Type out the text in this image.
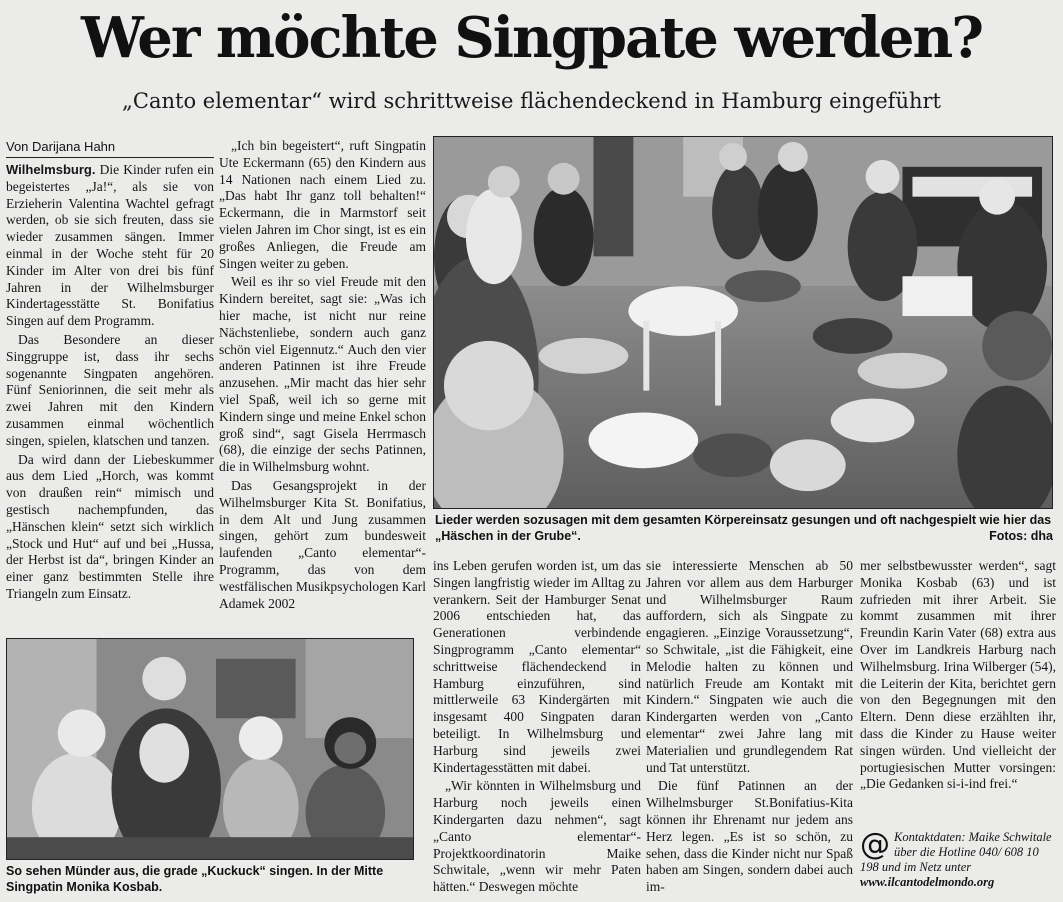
Wer möchte Singpate werden?
„Canto elementar“ wird schrittweise flächendeckend in Hamburg eingeführt
Von Darijana Hahn

Wilhelmsburg. Die Kinder rufen ein begeistertes „Ja!“, als sie von Erzieherin Valentina Wachtel gefragt werden, ob sie sich freuten, dass sie wieder zusammen sängen. Immer einmal in der Woche steht für 20 Kinder im Alter von drei bis fünf Jahren in der Wilhelmsburger Kindertagesstätte St. Bonifatius Singen auf dem Programm.

Das Besondere an dieser Singgruppe ist, dass ihr sechs sogenannte Singpaten angehören. Fünf Seniorinnen, die seit mehr als zwei Jahren mit den Kindern zusammen einmal wöchentlich singen, spielen, klatschen und tanzen.

Da wird dann der Liebeskummer aus dem Lied „Horch, was kommt von draußen rein“ mimisch und gestisch nachempfunden, das „Hänschen klein“ setzt sich wirklich „Stock und Hut“ auf und bei „Hussa, der Herbst ist da“, bringen Kinder an einer ganz bestimmten Stelle ihre Triangeln zum Einsatz.

„Ich bin begeistert“, ruft Singpatin Ute Eckermann (65) den Kindern aus 14 Nationen nach einem Lied zu. „Das habt Ihr ganz toll behalten!“ Eckermann, die in Marmstorf seit vielen Jahren im Chor singt, ist es ein großes Anliegen, die Freude am Singen weiter zu geben.

Weil es ihr so viel Freude mit den Kindern bereitet, sagt sie: „Was ich hier mache, ist nicht nur reine Nächstenliebe, sondern auch ganz schön viel Eigennutz.“ Auch den vier anderen Patinnen ist ihre Freude anzusehen. „Mir macht das hier sehr viel Spaß, weil ich so gerne mit Kindern singe und meine Enkel schon groß sind“, sagt Gisela Herrmasch (68), die einzige der sechs Patinnen, die in Wilhelmsburg wohnt.

Das Gesangsprojekt in der Wilhelmsburger Kita St. Bonifatius, in dem Alt und Jung zusammen singen, gehört zum bundesweit laufenden „Canto elementar“-Programm, das von dem westfälischen Musikpsychologen Karl Adamek 2002

Lieder werden sozusagen mit dem gesamten Körpereinsatz gesungen und oft nachgespielt wie hier das „Häschen in der Grube“.	Fotos: dha

ins Leben gerufen worden ist, um das Singen langfristig wieder im Alltag zu verankern. Seit der Hamburger Senat 2006 entschieden hat, das Generationen verbindende Singprogramm „Canto elementar“ schrittweise flächendeckend in Hamburg einzuführen, sind mittlerweile 63 Kindergärten mit insgesamt 400 Singpaten daran beteiligt. In Wilhelmsburg und Harburg sind jeweils zwei Kindertagesstätten mit dabei.

„Wir könnten in Wilhelmsburg und Harburg noch jeweils einen Kindergarten dazu nehmen“, sagt „Canto elementar“-Projektkoordinatorin Maike Schwitale, „wenn wir mehr Paten hätten.“ Deswegen möchte

sie interessierte Menschen ab 50 Jahren vor allem aus dem Harburger und Wilhelmsburger Raum auffordern, sich als Singpate zu engagieren. „Einzige Voraussetzung“, so Schwitale, „ist die Fähigkeit, eine Melodie halten zu können und natürlich Freude am Kontakt mit Kindern.“ Singpaten wie auch die Kindergarten werden von „Canto elementar“ zwei Jahre lang mit Materialien und grundlegendem Rat und Tat unterstützt.

Die fünf Patinnen an der Wilhelmsburger St.Bonifatius-Kita können ihr Ehrenamt nur jedem ans Herz legen. „Es ist so schön, zu sehen, dass die Kinder nicht nur Spaß haben am Singen, sondern dabei auch im-

mer selbstbewusster werden“, sagt Monika Kosbab (63) und ist zufrieden mit ihrer Arbeit. Sie kommt zusammen mit ihrer Freundin Karin Vater (68) extra aus Over im Landkreis Harburg nach Wilhelmsburg. Irina Wilberger (54), die Leiterin der Kita, berichtet gern von den Begegnungen mit den Eltern. Denn diese erzählten ihr, dass die Kinder zu Hause weiter singen würden. Und vielleicht der portugiesischen Mutter vorsingen: „Die Gedanken si-i-ind frei.“

@ Kontaktdaten: Maike Schwitale über die Hotline 040/ 608 10 198 und im Netz unter www.ilcantodelmondo.org
So sehen Münder aus, die grade „Kuckuck“ singen. In der Mitte Singpatin Monika Kosbab.
